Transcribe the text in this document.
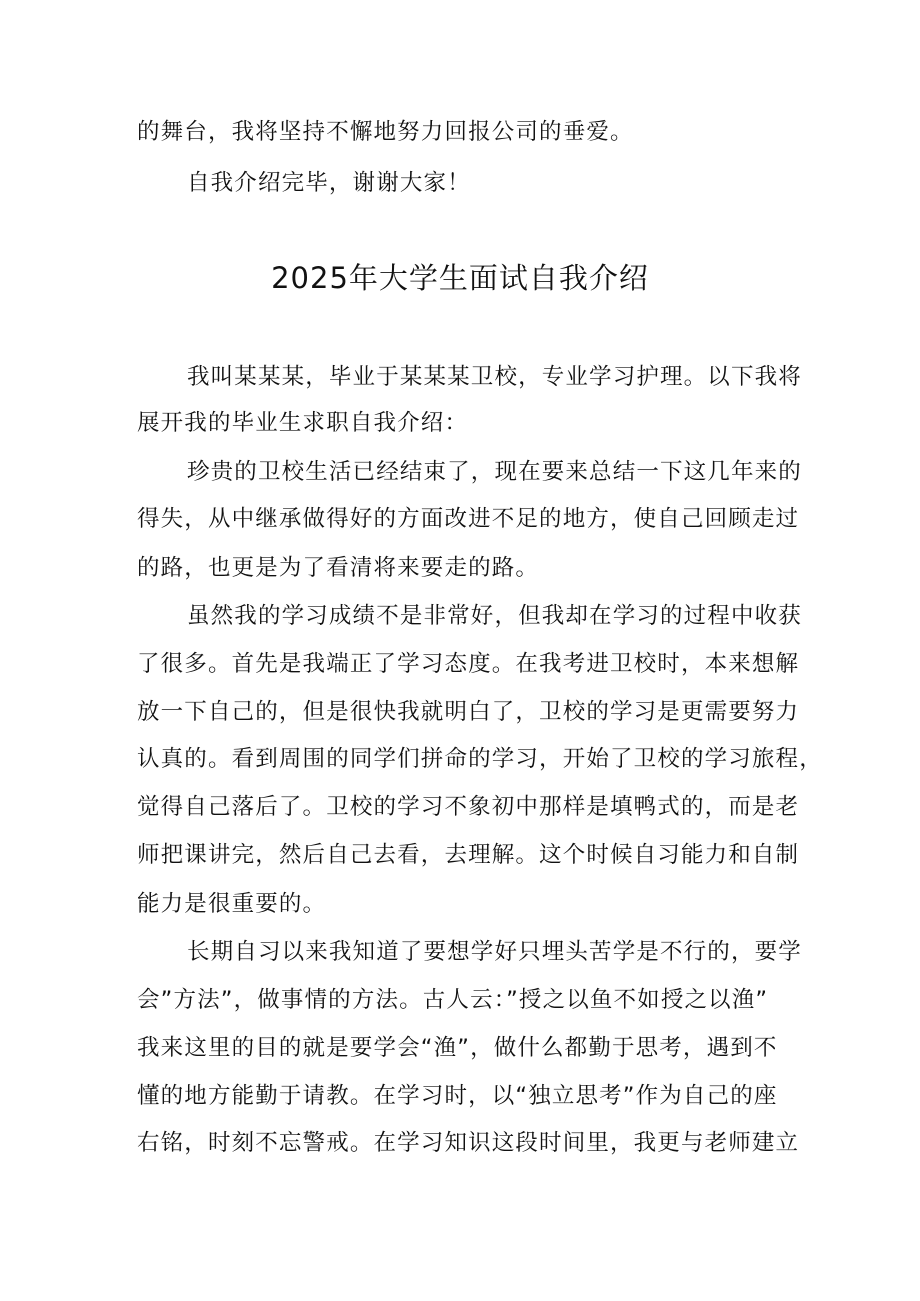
的舞台，我将坚持不懈地努力回报公司的垂爱。

自我介绍完毕，谢谢大家！

2025年大学生面试自我介绍

我叫某某某，毕业于某某某卫校，专业学习护理。以下我将

展开我的毕业生求职自我介绍：

珍贵的卫校生活已经结束了，现在要来总结一下这几年来的

得失，从中继承做得好的方面改进不足的地方，使自己回顾走过

的路，也更是为了看清将来要走的路。

虽然我的学习成绩不是非常好，但我却在学习的过程中收获

了很多。首先是我端正了学习态度。在我考进卫校时，本来想解

放一下自己的，但是很快我就明白了，卫校的学习是更需要努力

认真的。看到周围的同学们拼命的学习，开始了卫校的学习旅程，

觉得自己落后了。卫校的学习不象初中那样是填鸭式的，而是老

师把课讲完，然后自己去看，去理解。这个时候自习能力和自制

能力是很重要的。

长期自习以来我知道了要想学好只埋头苦学是不行的，要学

会”方法”，做事情的方法。古人云：”授之以鱼不如授之以渔”

我来这里的目的就是要学会“渔”，做什么都勤于思考，遇到不

懂的地方能勤于请教。在学习时，以“独立思考”作为自己的座

右铭，时刻不忘警戒。在学习知识这段时间里，我更与老师建立
